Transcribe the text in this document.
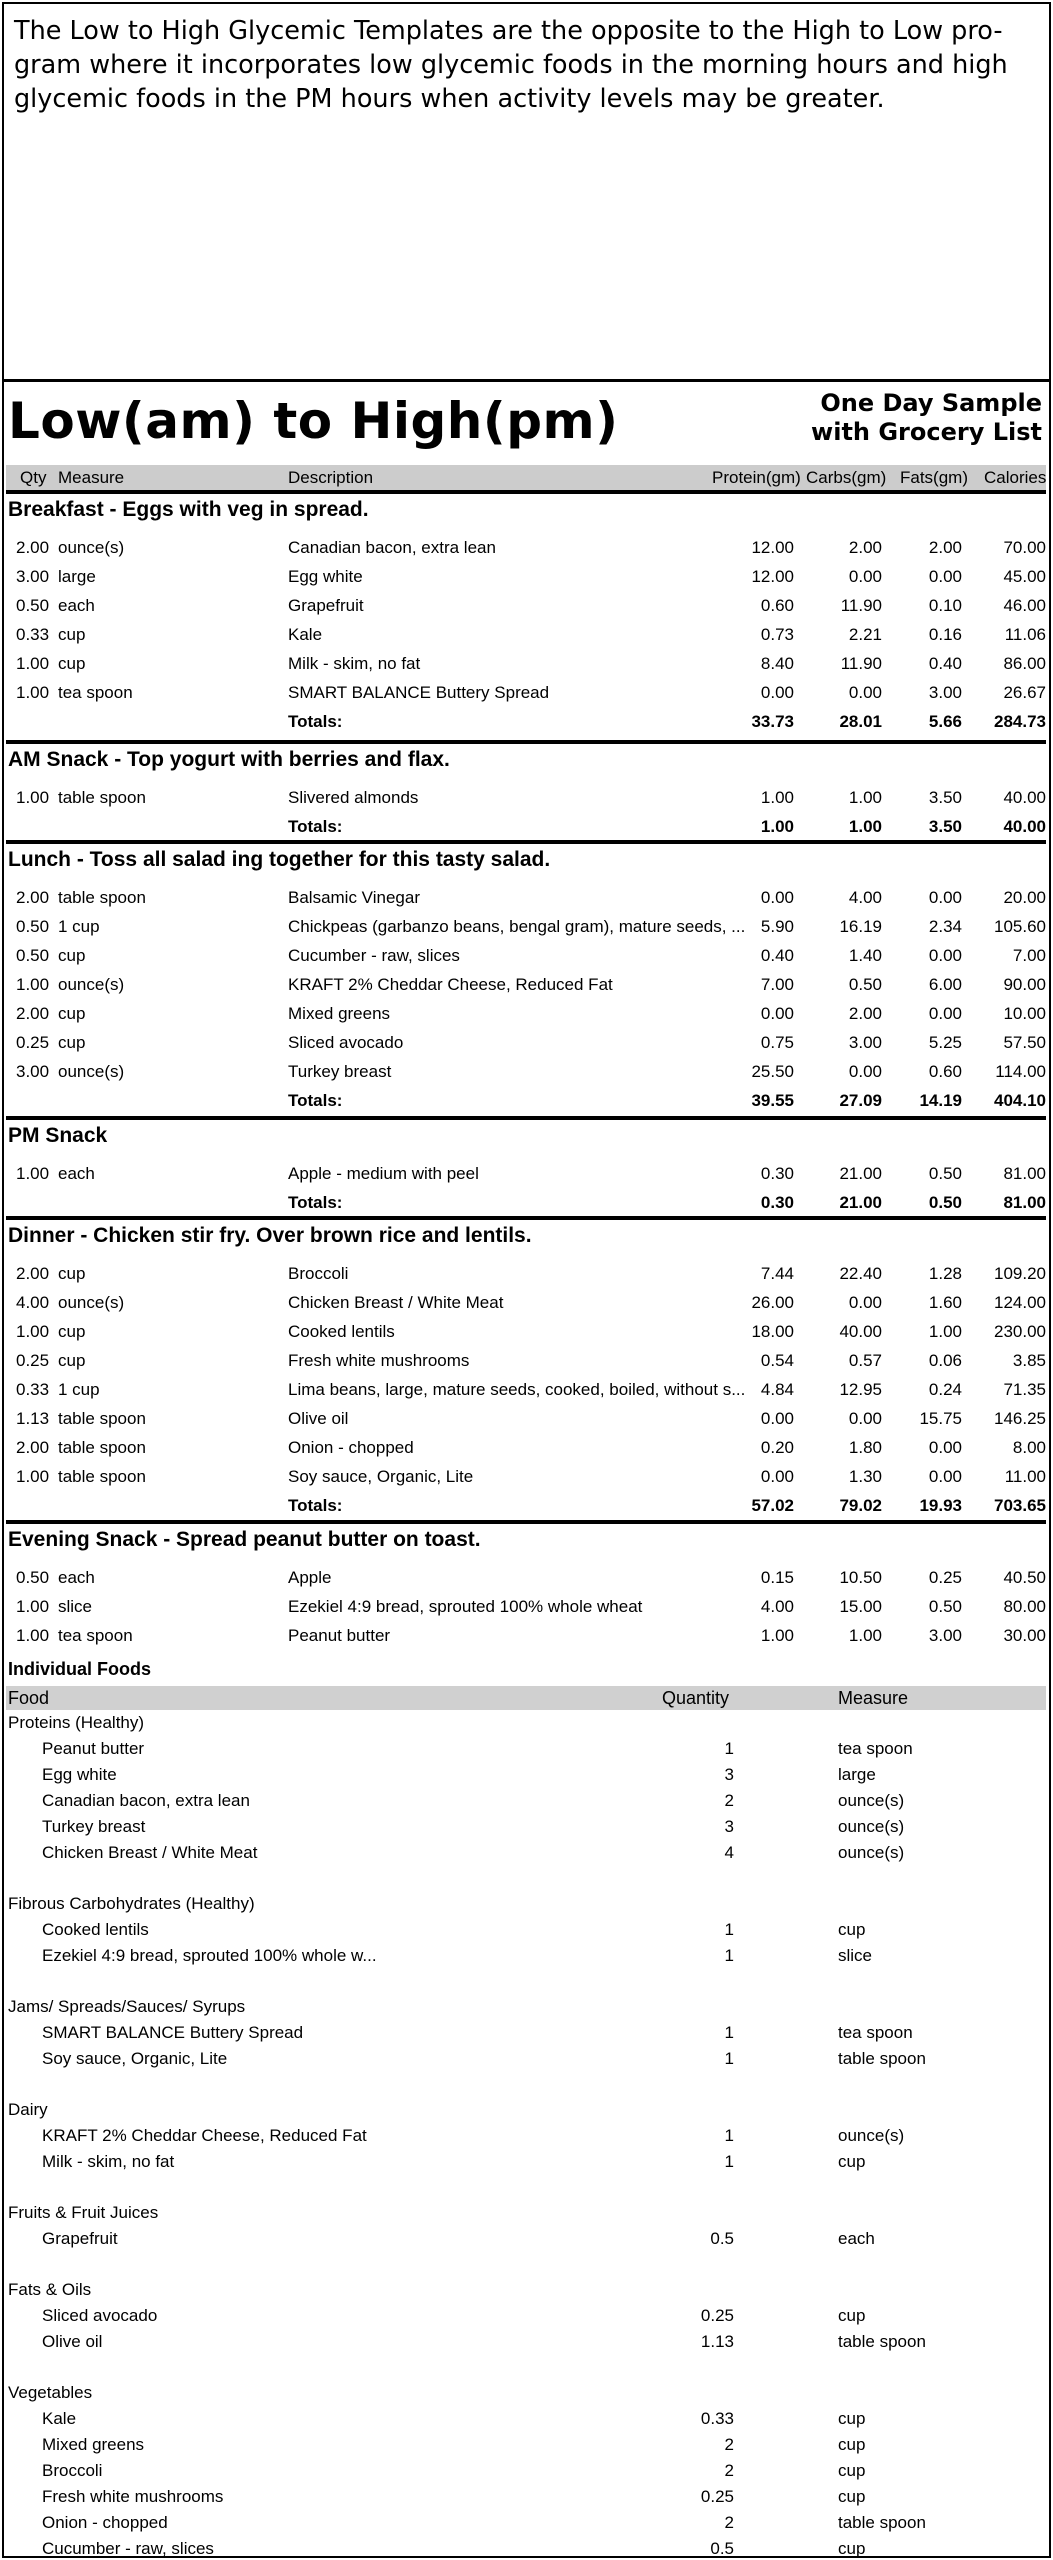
The Low to High Glycemic Templates are the opposite to the High to Low pro-

gram where it incorporates low glycemic foods in the morning hours and high

glycemic foods in the PM hours when activity levels may be greater.

Low(am) to High(pm)	One Day Sample
with Grocery List
Qty Measure	Description	Protein(gm) Carbs(gm) Fats(gm) Calories
Breakfast - Eggs with veg in spread.
2.00 ounce(s)	Canadian bacon, extra lean	12.00	2.00	2.00 70.00
3.00 large	Egg white	12.00	0.00	0.00 45.00
0.50 each	Grapefruit	0.60	11.90	0.10 46.00
0.33 cup	Kale	0.73	2.21	0.16	11.06
1.00 cup	Milk - skim, no fat	8.40	11.90	0.40 86.00
1.00 tea spoon	SMART BALANCE Buttery Spread	0.00	0.00	3.00 26.67
Totals:	33.73	28.01	5.66 284.73
AM Snack - Top yogurt with berries and flax.
1.00 table spoon	Slivered almonds	1.00	1.00	3.50 40.00
Totals:	1.00	1.00	3.50 40.00
Lunch - Toss all salad ing together for this tasty salad.
2.00 table spoon	Balsamic Vinegar	0.00	4.00	0.00 20.00
0.50 1 cup	Chickpeas (garbanzo beans, bengal gram), mature seeds, ... 5.90	16.19	2.34 105.60
0.50 cup	Cucumber - raw, slices	0.40	1.40	0.00	7.00
1.00 ounce(s)	KRAFT 2% Cheddar Cheese, Reduced Fat	7.00	0.50	6.00 90.00
2.00 cup	Mixed greens	0.00	2.00	0.00 10.00
0.25 cup	Sliced avocado	0.75	3.00	5.25 57.50
3.00 ounce(s)	Turkey breast	25.50	0.00	0.60 114.00
Totals:	39.55	27.09 14.19 404.10
PM Snack
1.00 each	Apple - medium with peel	0.30	21.00	0.50 81.00
Totals:	0.30	21.00	0.50 81.00
Dinner - Chicken stir fry. Over brown rice and lentils.
2.00 cup	Broccoli	7.44	22.40	1.28 109.20
4.00 ounce(s)	Chicken Breast / White Meat	26.00	0.00	1.60 124.00
1.00 cup	Cooked lentils	18.00	40.00	1.00 230.00
0.25 cup	Fresh white mushrooms	0.54	0.57	0.06	3.85
0.33 1 cup	Lima beans, large, mature seeds, cooked, boiled, without s... 4.84	12.95	0.24 71.35
1.13 table spoon	Olive oil	0.00	0.00 15.75 146.25
2.00 table spoon	Onion - chopped	0.20	1.80	0.00	8.00
1.00 table spoon	Soy sauce, Organic, Lite	0.00	1.30	0.00	11.00
Totals:	57.02	79.02 19.93 703.65
Evening Snack - Spread peanut butter on toast.
0.50 each	Apple	0.15	10.50	0.25 40.50
1.00 slice	Ezekiel 4:9 bread, sprouted 100% whole wheat	4.00	15.00	0.50 80.00
1.00 tea spoon	Peanut butter	1.00	1.00	3.00 30.00
Individual Foods
Food	Quantity	Measure
Proteins (Healthy)
Peanut butter	1	tea spoon
Egg white	3	large
Canadian bacon, extra lean	2	ounce(s)
Turkey breast	3	ounce(s)
Chicken Breast / White Meat	4	ounce(s)
Fibrous Carbohydrates (Healthy)
Cooked lentils	1	cup
Ezekiel 4:9 bread, sprouted 100% whole w...	1	slice
Jams/ Spreads/Sauces/ Syrups
SMART BALANCE Buttery Spread	1	tea spoon
Soy sauce, Organic, Lite	1	table spoon
Dairy
KRAFT 2% Cheddar Cheese, Reduced Fat	1	ounce(s)
Milk - skim, no fat	1	cup
Fruits & Fruit Juices
Grapefruit	0.5	each
Fats & Oils
Sliced avocado	0.25	cup
Olive oil	1.13	table spoon
Vegetables
Kale	0.33	cup
Mixed greens	2	cup
Broccoli	2	cup
Fresh white mushrooms	0.25	cup
Onion - chopped	2	table spoon
Cucumber - raw, slices	0.5	cup
